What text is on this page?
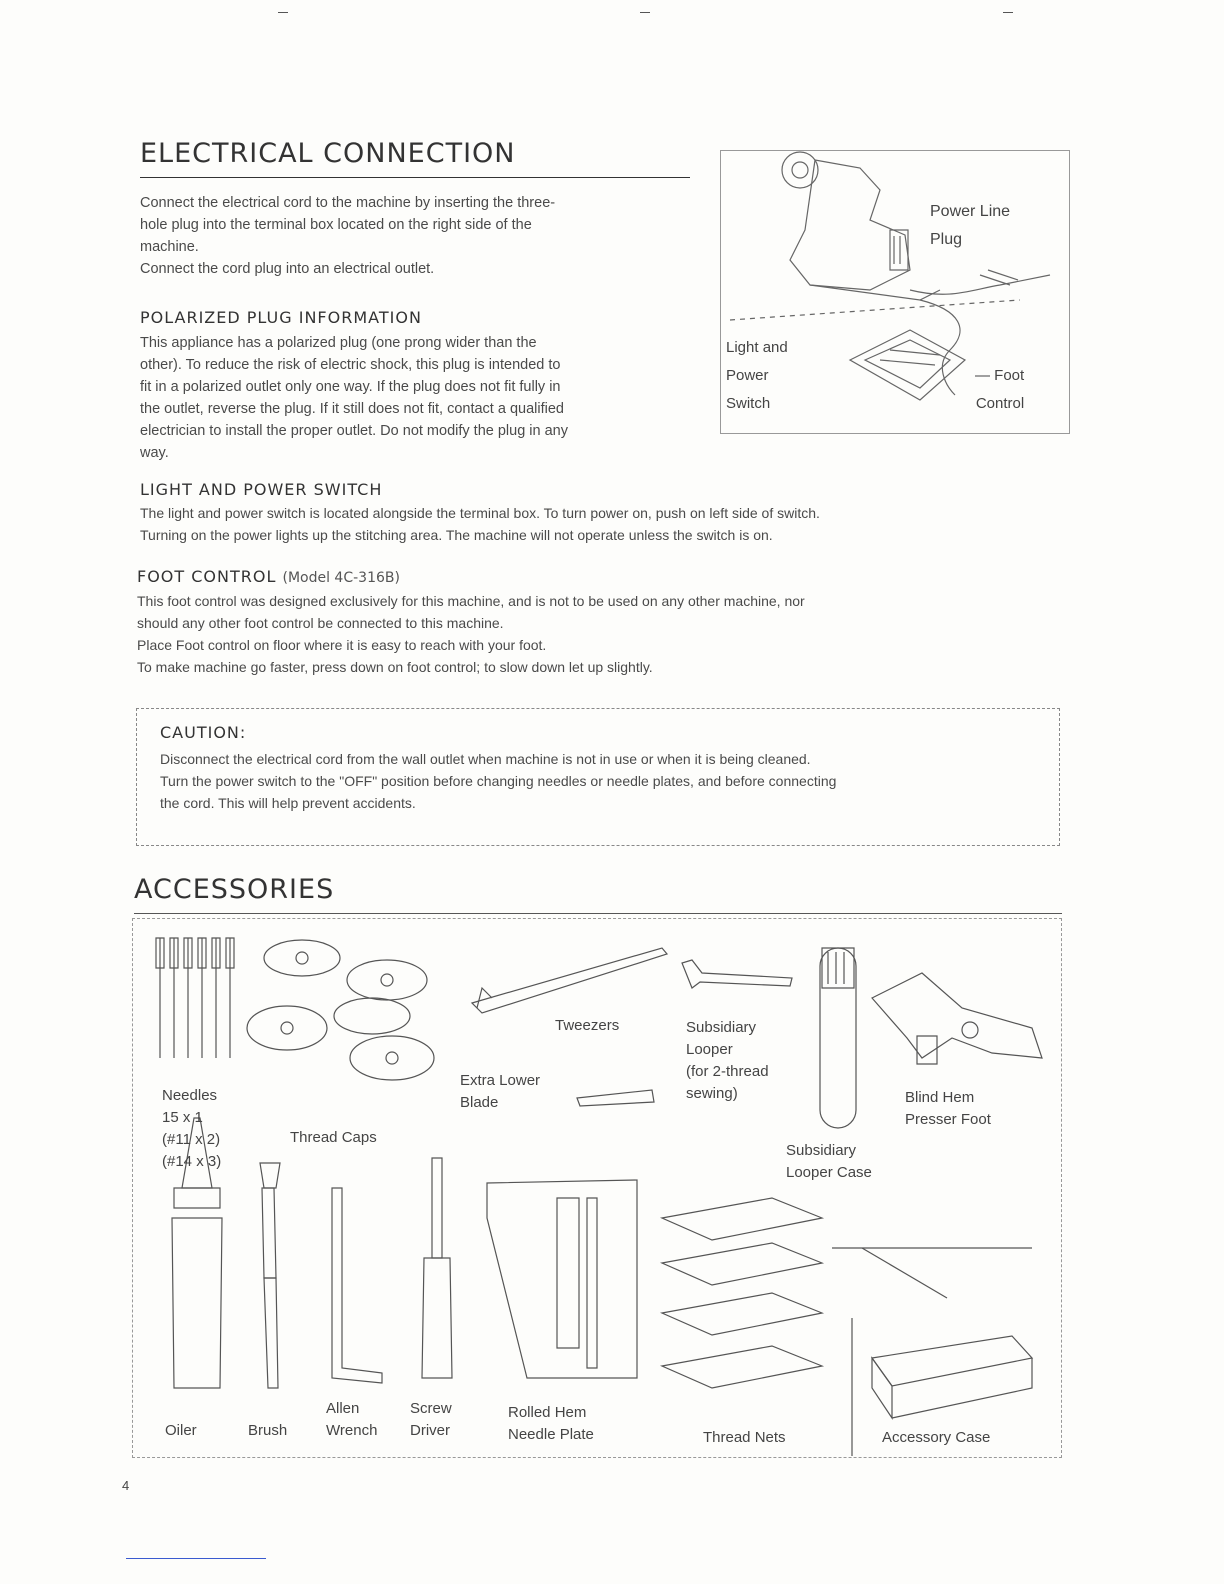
ELECTRICAL CONNECTION
Connect the electrical cord to the machine by inserting the three-
hole plug into the terminal box located on the right side of the
machine.
Connect the cord plug into an electrical outlet.
POLARIZED PLUG INFORMATION
This appliance has a polarized plug (one prong wider than the
other). To reduce the risk of electric shock, this plug is intended to
fit in a polarized outlet only one way. If the plug does not fit fully in
the outlet, reverse the plug. If it still does not fit, contact a qualified
electrician to install the proper outlet. Do not modify the plug in any
way.
Power Line
Plug
Light and
Power
Switch
— Foot
Control
LIGHT AND POWER SWITCH
The light and power switch is located alongside the terminal box. To turn power on, push on left side of switch.
Turning on the power lights up the stitching area. The machine will not operate unless the switch is on.
FOOT CONTROL (Model 4C-316B)
This foot control was designed exclusively for this machine, and is not to be used on any other machine, nor
should any other foot control be connected to this machine.
Place Foot control on floor where it is easy to reach with your foot.
To make machine go faster, press down on foot control; to slow down let up slightly.
CAUTION:
Disconnect the electrical cord from the wall outlet when machine is not in use or when it is being cleaned.
Turn the power switch to the "OFF" position before changing needles or needle plates, and before connecting
the cord. This will help prevent accidents.
ACCESSORIES
Needles
15 x 1
(#11 x 2)
(#14 x 3)
Thread Caps
Extra Lower
Blade
Tweezers	Subsidiary
Looper
(for 2-thread
sewing)
Subsidiary
Looper Case
Blind Hem
Presser Foot
Oiler	Brush
Allen
Wrench
Screw
Driver
Rolled Hem
Needle Plate	Thread Nets	Accessory Case
4
